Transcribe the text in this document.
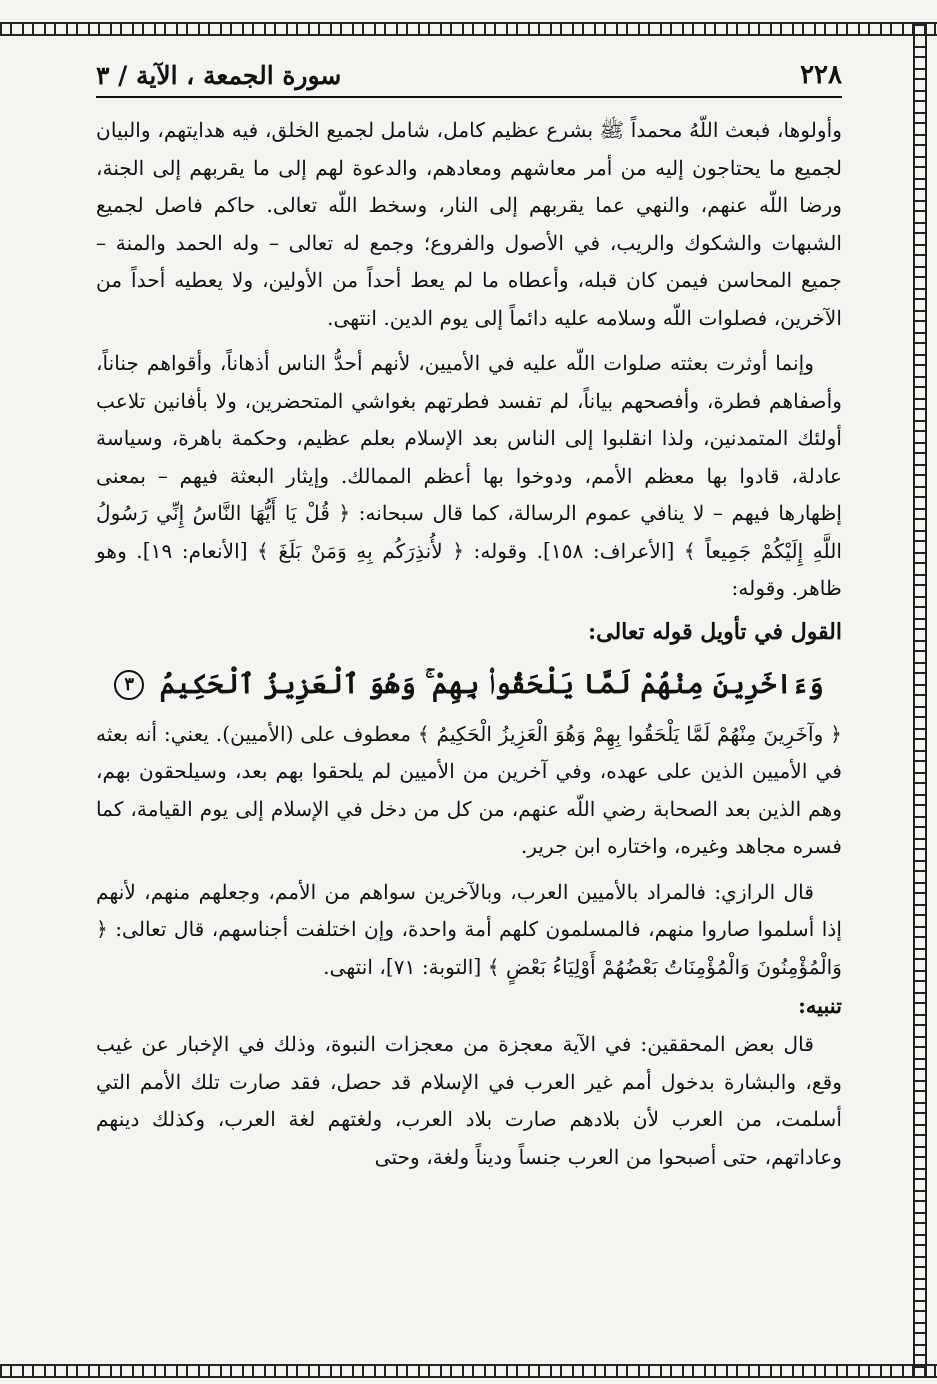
٢٢٨
سورة الجمعة ، الآية / ٣

وأولوها، فبعث اللّهُ محمداً ﷺ بشرع عظيم كامل، شامل لجميع الخلق، فيه هدايتهم، والبيان لجميع ما يحتاجون إليه من أمر معاشهم ومعادهم، والدعوة لهم إلى ما يقربهم إلى الجنة، ورضا اللّه عنهم، والنهي عما يقربهم إلى النار، وسخط اللّه تعالى. حاكم فاصل لجميع الشبهات والشكوك والريب، في الأصول والفروع؛ وجمع له تعالى – وله الحمد والمنة – جميع المحاسن فيمن كان قبله، وأعطاه ما لم يعط أحداً من الأولين، ولا يعطيه أحداً من الآخرين، فصلوات اللّه وسلامه عليه دائماً إلى يوم الدين. انتهى.

وإنما أوثرت بعثته صلوات اللّه عليه في الأميين، لأنهم أحدُّ الناس أذهاناً، وأقواهم جناناً، وأصفاهم فطرة، وأفصحهم بياناً، لم تفسد فطرتهم بغواشي المتحضرين، ولا بأفانين تلاعب أولئك المتمدنين، ولذا انقلبوا إلى الناس بعد الإسلام بعلم عظيم، وحكمة باهرة، وسياسة عادلة، قادوا بها معظم الأمم، ودوخوا بها أعظم الممالك. وإيثار البعثة فيهم – بمعنى إظهارها فيهم – لا ينافي عموم الرسالة، كما قال سبحانه: ﴿ قُلْ يَا أَيُّهَا النَّاسُ إِنِّي رَسُولُ اللَّهِ إِلَيْكُمْ جَمِيعاً ﴾ [الأعراف: ١٥٨]. وقوله: ﴿ لأُنذِرَكُم بِهِ وَمَنْ بَلَغَ ﴾ [الأنعام: ١٩]. وهو ظاهر. وقوله:

القول في تأويل قوله تعالى:

وَءَاخَرِينَ مِنْهُمْ لَمَّا يَلْحَقُوا۟ بِهِمْ ۚ وَهُوَ ٱلْعَزِيزُ ٱلْحَكِيمُ ٣

﴿ وآخَرِينَ مِنْهُمْ لَمَّا يَلْحَقُوا بِهِمْ وَهُوَ الْعَزِيزُ الْحَكِيمُ ﴾ معطوف على (الأميين). يعني: أنه بعثه في الأميين الذين على عهده، وفي آخرين من الأميين لم يلحقوا بهم بعد، وسيلحقون بهم، وهم الذين بعد الصحابة رضي اللّه عنهم، من كل من دخل في الإسلام إلى يوم القيامة، كما فسره مجاهد وغيره، واختاره ابن جرير.

قال الرازي: فالمراد بالأميين العرب، وبالآخرين سواهم من الأمم، وجعلهم منهم، لأنهم إذا أسلموا صاروا منهم، فالمسلمون كلهم أمة واحدة، وإن اختلفت أجناسهم، قال تعالى: ﴿ وَالْمُؤْمِنُونَ وَالْمُؤْمِنَاتُ بَعْضُهُمْ أَوْلِيَاءُ بَعْضٍ ﴾ [التوبة: ٧١]، انتهى.

تنبيه:

قال بعض المحققين: في الآية معجزة من معجزات النبوة، وذلك في الإخبار عن غيب وقع، والبشارة بدخول أمم غير العرب في الإسلام قد حصل، فقد صارت تلك الأمم التي أسلمت، من العرب لأن بلادهم صارت بلاد العرب، ولغتهم لغة العرب، وكذلك دينهم وعاداتهم، حتى أصبحوا من العرب جنساً وديناً ولغة، وحتى
